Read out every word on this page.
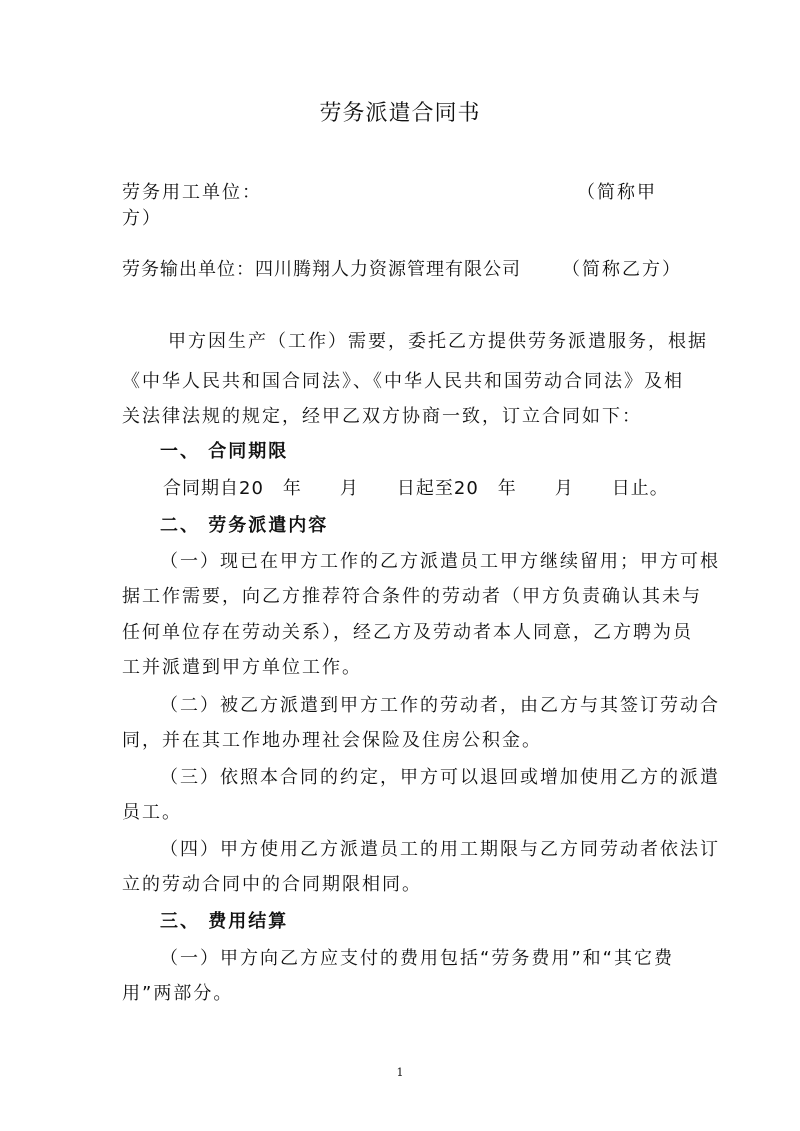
劳务派遣合同书
劳务用工单位：	（简称甲
方）
劳务输出单位：四川腾翔人力资源管理有限公司 （简称乙方）
甲方因生产（工作）需要，委托乙方提供劳务派遣服务，根据
《中华人民共和国合同法》、《中华人民共和国劳动合同法》及相
关法律法规的规定，经甲乙双方协商一致，订立合同如下：
一、 合同期限
合同期自20　年　　月　　日起至20　年　　月　　日止。
二、 劳务派遣内容
（一）现已在甲方工作的乙方派遣员工甲方继续留用；甲方可根
据工作需要，向乙方推荐符合条件的劳动者（甲方负责确认其未与
任何单位存在劳动关系），经乙方及劳动者本人同意，乙方聘为员
工并派遣到甲方单位工作。
（二）被乙方派遣到甲方工作的劳动者，由乙方与其签订劳动合
同，并在其工作地办理社会保险及住房公积金。
（三）依照本合同的约定，甲方可以退回或增加使用乙方的派遣
员工。
（四）甲方使用乙方派遣员工的用工期限与乙方同劳动者依法订
立的劳动合同中的合同期限相同。
三、 费用结算
（一）甲方向乙方应支付的费用包括“劳务费用”和“其它费
用”两部分。
1
